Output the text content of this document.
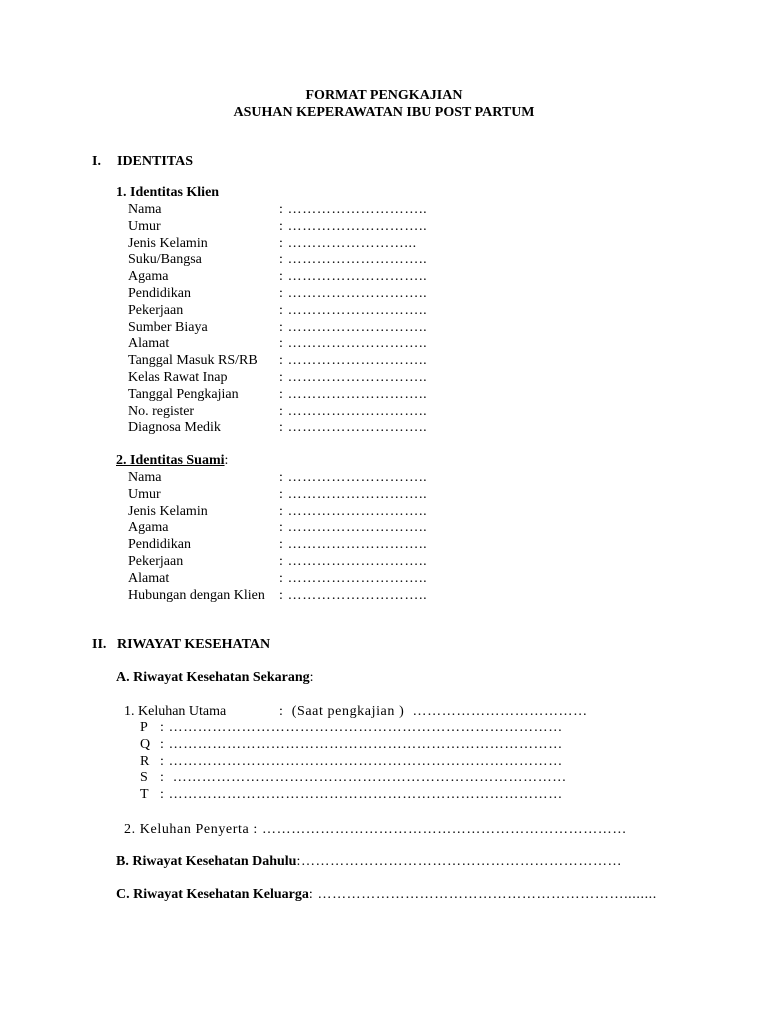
FORMAT PENGKAJIAN
ASUHAN KEPERAWATAN IBU POST PARTUM
I. IDENTITAS
1. Identitas Klien
Nama	: ………………………..
Umur	: ………………………..
Jenis Kelamin	: ……………………...
Suku/Bangsa	: ………………………..
Agama	: ………………………..
Pendidikan	: ………………………..
Pekerjaan	: ………………………..
Sumber Biaya	: ………………………..
Alamat	: ………………………..
Tanggal Masuk RS/RB : ………………………..
Kelas Rawat Inap	: ………………………..
Tanggal Pengkajian	: ………………………..
No. register	: ………………………..
Diagnosa Medik	: ………………………..
2. Identitas Suami:
Nama	: ………………………..
Umur	: ………………………..
Jenis Kelamin	: ………………………..
Agama	: ………………………..
Pendidikan	: ………………………..
Pekerjaan	: ………………………..
Alamat	: ………………………..
Hubungan dengan Klien : ………………………..
II. RIWAYAT KESEHATAN
A. Riwayat Kesehatan Sekarang:
1. Keluhan Utama	:  (Saat pengkajian )  ………………………………
P : ………………………………………………………………………
Q : ………………………………………………………………………
R : ………………………………………………………………………
S :  ………………………………………………………………………
T : ………………………………………………………………………
2. Keluhan Penyerta : …………………………………………………………………
B. Riwayat Kesehatan Dahulu:…………………………………………………………
C. Riwayat Kesehatan Keluarga: ………………………………………………………........
